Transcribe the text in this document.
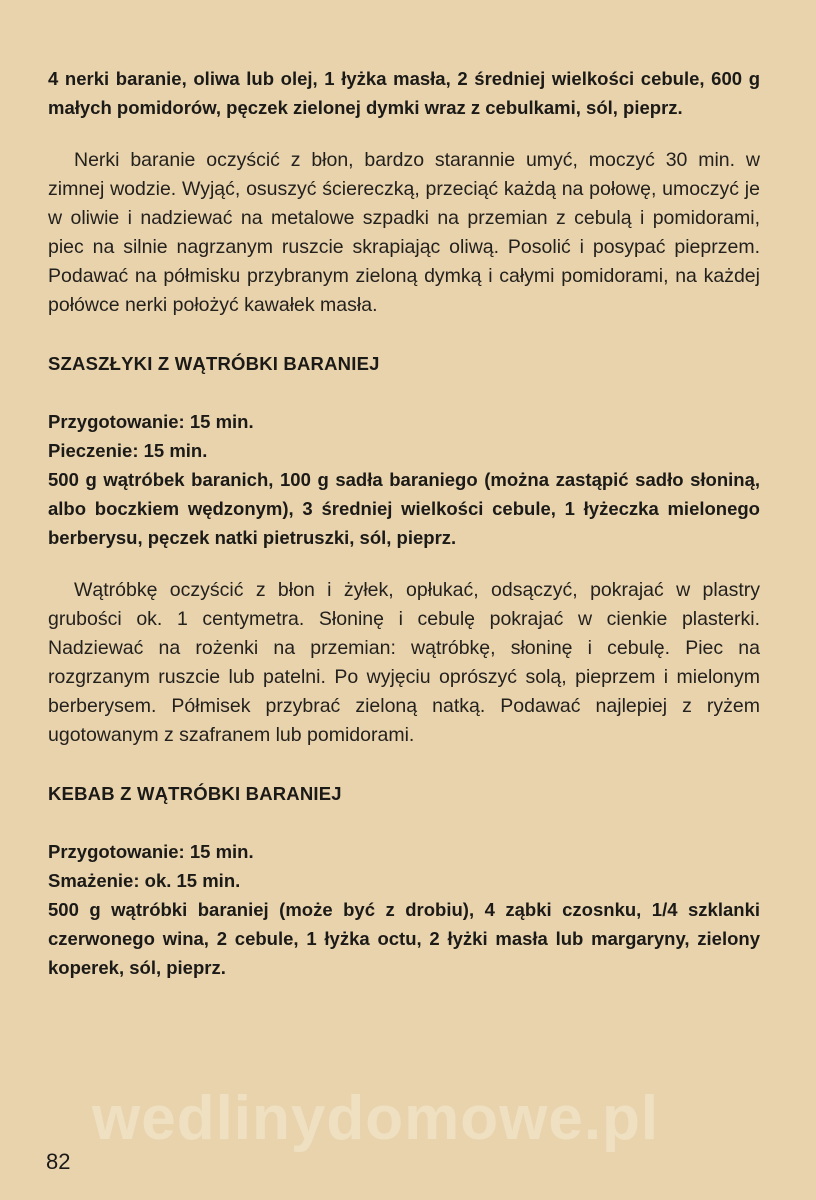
4 nerki baranie, oliwa lub olej, 1 łyżka masła, 2 średniej wielkości cebule, 600 g małych pomidorów, pęczek zielonej dymki wraz z cebulkami, sól, pieprz.

Nerki baranie oczyścić z błon, bardzo starannie umyć, moczyć 30 min. w zimnej wodzie. Wyjąć, osuszyć ściereczką, przeciąć każdą na połowę, umoczyć je w oliwie i nadziewać na metalowe szpadki na przemian z cebulą i pomidorami, piec na silnie nagrzanym ruszcie skrapiając oliwą. Posolić i posypać pieprzem. Podawać na półmisku przybranym zieloną dymką i całymi pomidorami, na każdej połówce nerki położyć kawałek masła.

SZASZŁYKI Z WĄTRÓBKI BARANIEJ

Przygotowanie: 15 min.

Pieczenie: 15 min.

500 g wątróbek baranich, 100 g sadła baraniego (można zastąpić sadło słoniną, albo boczkiem wędzonym), 3 średniej wielkości cebule, 1 łyżeczka mielonego berberysu, pęczek natki pietruszki, sól, pieprz.

Wątróbkę oczyścić z błon i żyłek, opłukać, odsączyć, pokrajać w plastry grubości ok. 1 centymetra. Słoninę i cebulę pokrajać w cienkie plasterki. Nadziewać na rożenki na przemian: wątróbkę, słoninę i cebulę. Piec na rozgrzanym ruszcie lub patelni. Po wyjęciu oprószyć solą, pieprzem i mielonym berberysem. Półmisek przybrać zieloną natką. Podawać najlepiej z ryżem ugotowanym z szafranem lub pomidorami.

KEBAB Z WĄTRÓBKI BARANIEJ

Przygotowanie: 15 min.

Smażenie: ok. 15 min.

500 g wątróbki baraniej (może być z drobiu), 4 ząbki czosnku, 1/4 szklanki czerwonego wina, 2 cebule, 1 łyżka octu, 2 łyżki masła lub margaryny, zielony koperek, sól, pieprz.

wedlinydomowe.pl
82
